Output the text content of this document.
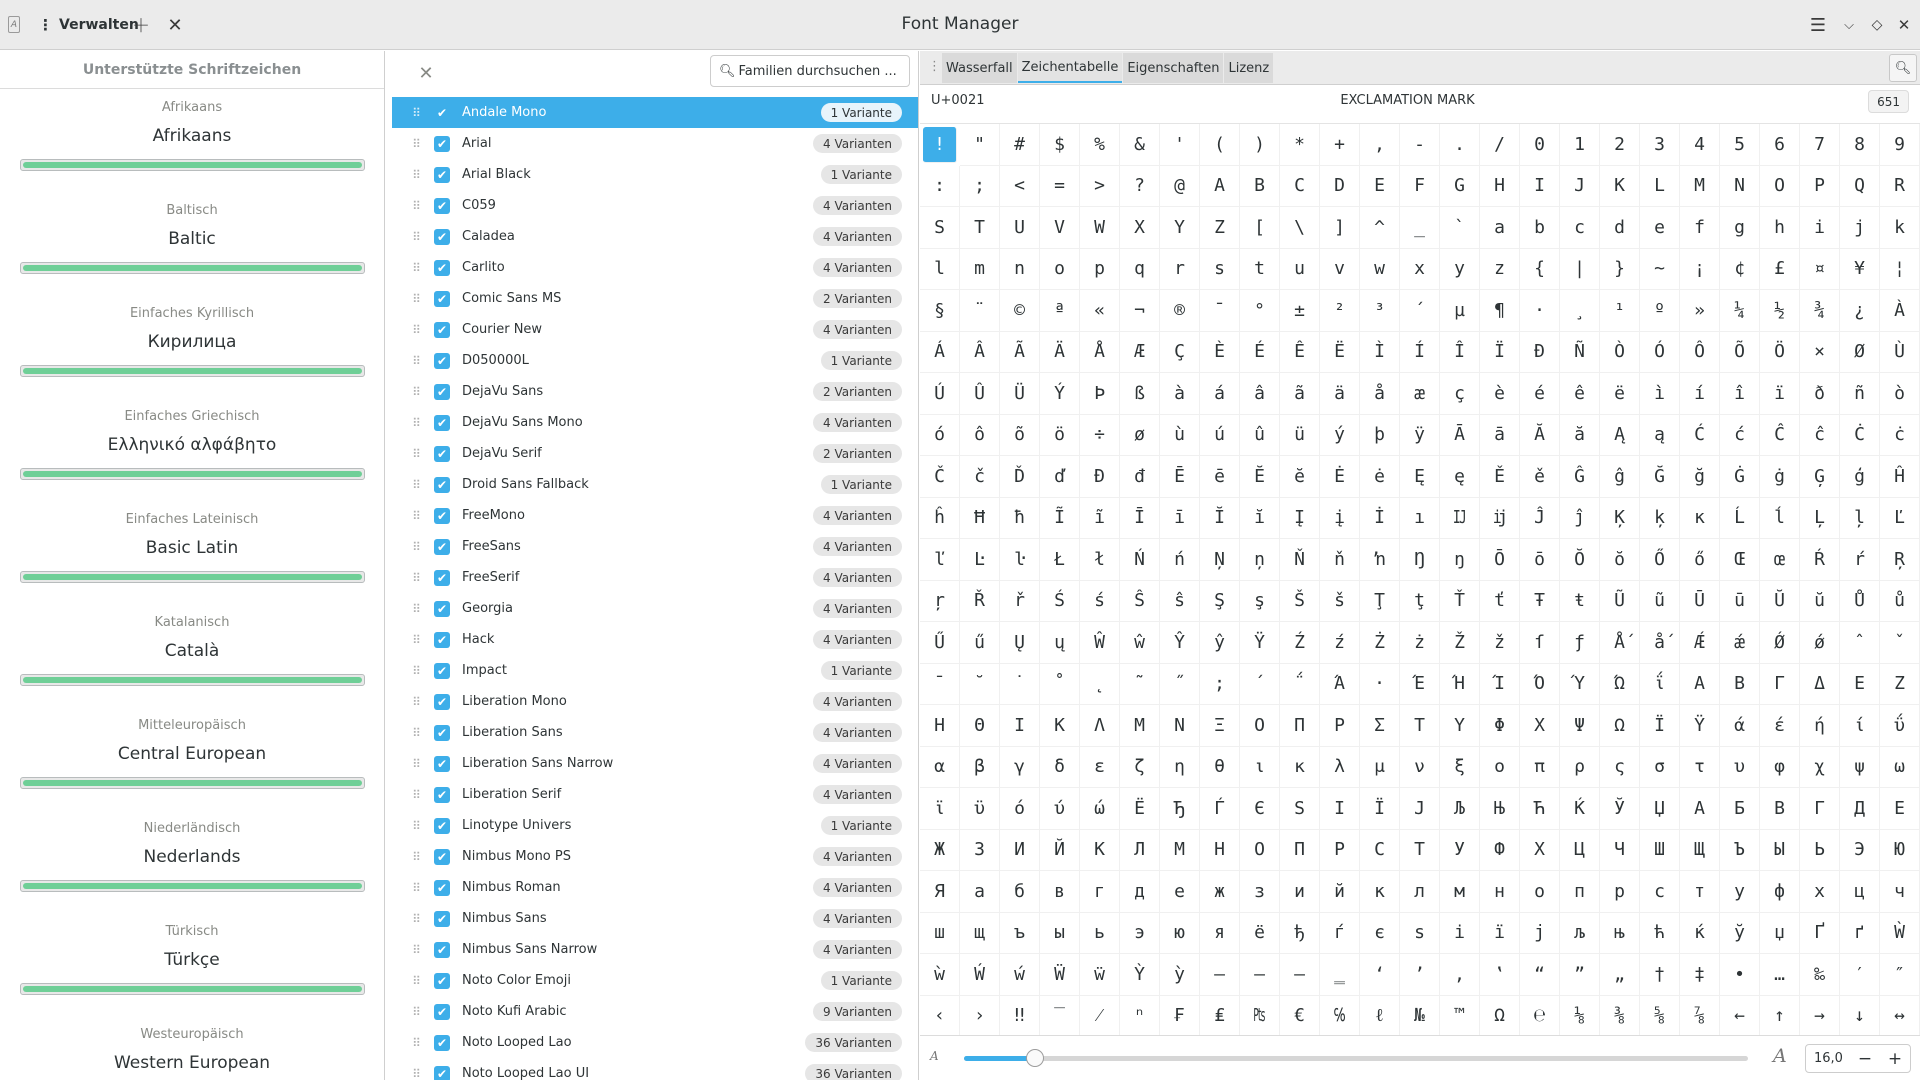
A ⋮ Verwalten
＋ ✕	Font Manager	☰ ⌵ ◇ ✕
Unterstützte Schriftzeichen
Afrikaans
Afrikaans
Baltisch
Baltic
Einfaches Kyrillisch
Кирилица
Einfaches Griechisch
Ελληνικό αλφάβητο
Einfaches Lateinisch
Basic Latin
Katalanisch
Català
Mitteleuropäisch
Central European
Niederländisch
Nederlands
Türkisch
Türkçe
Westeuropäisch
Western European
✕	🔍︎ Familien durchsuchen ...
⠿	✔ Andale Mono	1 Variante
⠿	✔ Arial	4 Varianten
⠿	✔ Arial Black	1 Variante
⠿	✔ C059	4 Varianten
⠿	✔ Caladea	4 Varianten
⠿	✔ Carlito	4 Varianten
⠿	✔ Comic Sans MS	2 Varianten
⠿	✔ Courier New	4 Varianten
⠿	✔ D050000L	1 Variante
⠿	✔ DejaVu Sans	2 Varianten
⠿	✔ DejaVu Sans Mono	4 Varianten
⠿	✔ DejaVu Serif	2 Varianten
⠿	✔ Droid Sans Fallback	1 Variante
⠿	✔ FreeMono	4 Varianten
⠿	✔ FreeSans	4 Varianten
⠿	✔ FreeSerif	4 Varianten
⠿	✔ Georgia	4 Varianten
⠿	✔ Hack	4 Varianten
⠿	✔ Impact	1 Variante
⠿	✔ Liberation Mono	4 Varianten
⠿	✔ Liberation Sans	4 Varianten
⠿	✔ Liberation Sans Narrow	4 Varianten
⠿	✔ Liberation Serif	4 Varianten
⠿	✔ Linotype Univers	1 Variante
⠿	✔ Nimbus Mono PS	4 Varianten
⠿	✔ Nimbus Roman	4 Varianten
⠿	✔ Nimbus Sans	4 Varianten
⠿	✔ Nimbus Sans Narrow	4 Varianten
⠿	✔ Noto Color Emoji	1 Variante
⠿	✔ Noto Kufi Arabic	9 Varianten
⠿	✔ Noto Looped Lao	36 Varianten
⠿	✔ Noto Looped Lao UI	36 Varianten
⋮ Wasserfall Zeichentabelle Eigenschaften Lizenz	🔍︎
U+0021	EXCLAMATION MARK	651
!	"	#	$	%	&	'	(	)	*	+	,	-	.	/	0	1	2	3	4	5	6	7	8	9
:	;	<	=	>	?	@	A	B	C	D	E	F	G	H	I	J	K	L	M	N	O	P	Q	R
S	T	U	V	W	X	Y	Z	[	\	]	^	_	`	a	b	c	d	e	f	g	h	i	j	k
l	m	n	o	p	q	r	s	t	u	v	w	x	y	z	{	|	}	~	¡	¢	£	¤	¥	¦
§	¨	©	ª	«	¬	®	¯	°	±	²	³	´	µ	¶	·	¸	¹	º	»	¼	½	¾	¿	À
Á	Â	Ã	Ä	Å	Æ	Ç	È	É	Ê	Ë	Ì	Í	Î	Ï	Ð	Ñ	Ò	Ó	Ô	Õ	Ö	×	Ø	Ù
Ú	Û	Ü	Ý	Þ	ß	à	á	â	ã	ä	å	æ	ç	è	é	ê	ë	ì	í	î	ï	ð	ñ	ò
ó	ô	õ	ö	÷	ø	ù	ú	û	ü	ý	þ	ÿ	Ā	ā	Ă	ă	Ą	ą	Ć	ć	Ĉ	ĉ	Ċ	ċ
Č	č	Ď	ď	Đ	đ	Ē	ē	Ĕ	ĕ	Ė	ė	Ę	ę	Ě	ě	Ĝ	ĝ	Ğ	ğ	Ġ	ġ	Ģ	ģ	Ĥ
ĥ	Ħ	ħ	Ĩ	ĩ	Ī	ī	Ĭ	ĭ	Į	į	İ	ı	Ĳ	ĳ	Ĵ	ĵ	Ķ	ķ	ĸ	Ĺ	ĺ	Ļ	ļ	Ľ
ľ	Ŀ	ŀ	Ł	ł	Ń	ń	Ņ	ņ	Ň	ň	ŉ	Ŋ	ŋ	Ō	ō	Ŏ	ŏ	Ő	ő	Œ	œ	Ŕ	ŕ	Ŗ
ŗ	Ř	ř	Ś	ś	Ŝ	ŝ	Ş	ş	Š	š	Ţ	ţ	Ť	ť	Ŧ	ŧ	Ũ	ũ	Ū	ū	Ŭ	ŭ	Ů	ů
Ű	ű	Ų	ų	Ŵ	ŵ	Ŷ	ŷ	Ÿ	Ź	ź	Ż	ż	Ž	ž	ſ	ƒ	Ǻ	ǻ	Ǽ	ǽ	Ǿ	ǿ	ˆ	ˇ
ˉ	˘	˙	˚	˛	˜	˝	;	΄	΅	Ά	·	Έ	Ή	Ί	Ό	Ύ	Ώ	ΐ	Α	Β	Γ	Δ	Ε	Ζ
Η	Θ	Ι	Κ	Λ	Μ	Ν	Ξ	Ο	Π	Ρ	Σ	Τ	Υ	Φ	Χ	Ψ	Ω	Ϊ	Ϋ	ά	έ	ή	ί	ΰ
α	β	γ	δ	ε	ζ	η	θ	ι	κ	λ	μ	ν	ξ	ο	π	ρ	ς	σ	τ	υ	φ	χ	ψ	ω
ϊ	ϋ	ό	ύ	ώ	Ё	Ђ	Ѓ	Є	Ѕ	І	Ї	Ј	Љ	Њ	Ћ	Ќ	Ў	Џ	А	Б	В	Г	Д	Е
Ж	З	И	Й	К	Л	М	Н	О	П	Р	С	Т	У	Ф	Х	Ц	Ч	Ш	Щ	Ъ	Ы	Ь	Э	Ю
Я	а	б	в	г	д	е	ж	з	и	й	к	л	м	н	о	п	р	с	т	у	ф	х	ц	ч
ш	щ	ъ	ы	ь	э	ю	я	ё	ђ	ѓ	є	ѕ	і	ї	ј	љ	њ	ћ	ќ	ў	џ	Ґ	ґ	Ẁ
ẁ	Ẃ	ẃ	Ẅ	ẅ	Ỳ	ỳ	–	—	―	‗	‘	’	‚	‛	“	”	„	†	‡	•	…	‰	′	″
‹	›	‼	‾	⁄	ⁿ	₣	₤	₧	€	℅	ℓ	№	™	Ω	℮	⅛	⅜	⅝	⅞	←	↑	→	↓	↔
A	A	16,0 − +
